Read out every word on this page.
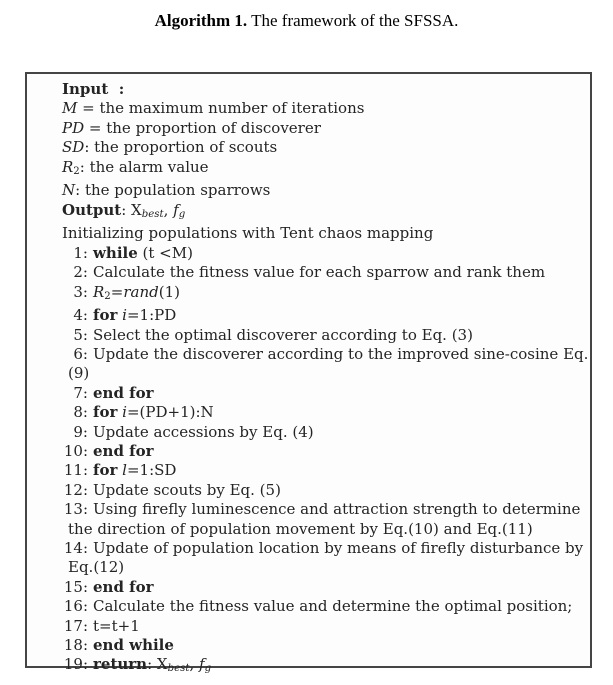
Algorithm 1. The framework of the SFSSA.
Input  :
M = the maximum number of iterations
PD = the proportion of discoverer
SD: the proportion of scouts
$R_2$: the alarm value
N: the population sparrows
Output: $X_{best}$, $f_g$
Initializing populations with Tent chaos mapping
1: while (t <M)
2: Calculate the fitness value for each sparrow and rank them
3: $R_2=rand(1)$
4: for i=1:PD
5: Select the optimal discoverer according to Eq. (3)
6: Update the discoverer according to the improved sine-cosine Eq.
(9)
7: end for
8: for i=(PD+1):N
9: Update accessions by Eq. (4)
10: end for
11: for l=1:SD
12: Update scouts by Eq. (5)
13: Using firefly luminescence and attraction strength to determine
the direction of population movement by Eq.(10) and Eq.(11)
14: Update of population location by means of firefly disturbance by
Eq.(12)
15: end for
16: Calculate the fitness value and determine the optimal position;
17: t=t+1
18: end while
19: return: $X_{best}$, $f_g$
